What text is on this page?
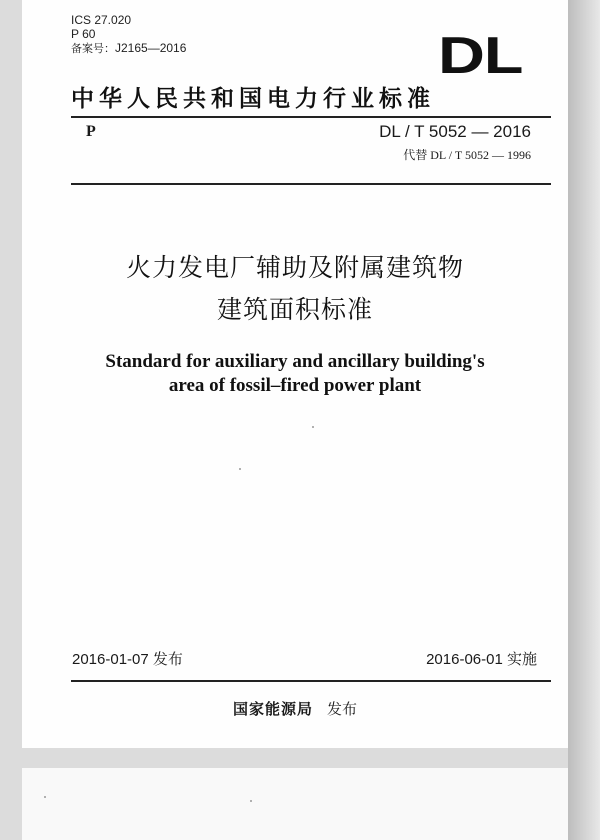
ICS 27.020
P 60
备案号：J2165—2016	DL
中华人民共和国电力行业标准
P	DL / T 5052 — 2016
代替 DL / T 5052 — 1996
火力发电厂辅助及附属建筑物
建筑面积标准
Standard for auxiliary and ancillary building's
area of fossil–fired power plant
2016-01-07 发布	2016-06-01 实施
国家能源局 发布
